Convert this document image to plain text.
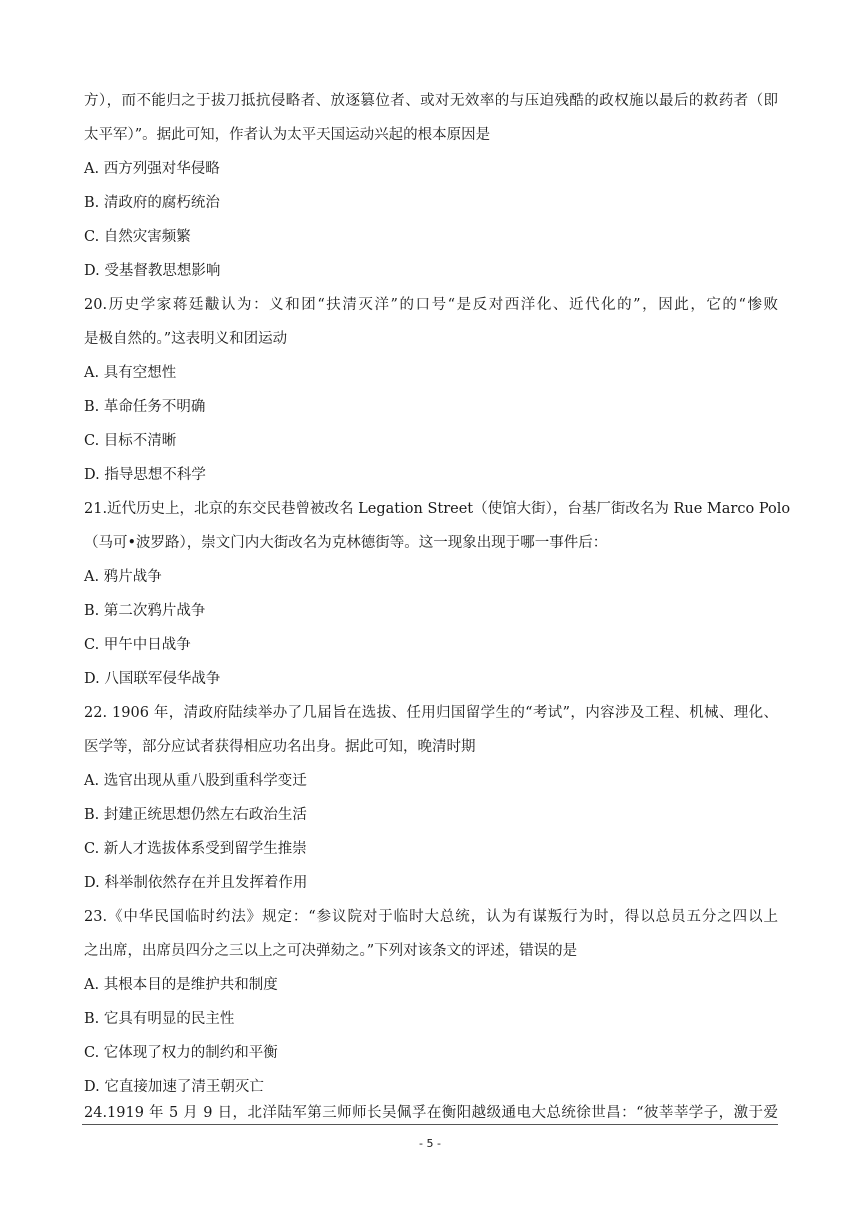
方），而不能归之于拔刀抵抗侵略者、放逐篡位者、或对无效率的与压迫残酷的政权施以最后的救药者（即
太平军）”。据此可知，作者认为太平天国运动兴起的根本原因是
A. 西方列强对华侵略
B. 清政府的腐朽统治
C. 自然灾害频繁
D. 受基督教思想影响
20.历史学家蒋廷黻认为：义和团“扶清灭洋”的口号“是反对西洋化、近代化的”，因此，它的“惨败
是极自然的。”这表明义和团运动
A. 具有空想性
B. 革命任务不明确
C. 目标不清晰
D. 指导思想不科学
21.近代历史上，北京的东交民巷曾被改名 Legation Street（使馆大街），台基厂街改名为 Rue Marco Polo
（马可•波罗路），崇文门内大街改名为克林德街等。这一现象出现于哪一事件后：
A. 鸦片战争
B. 第二次鸦片战争
C. 甲午中日战争
D. 八国联军侵华战争
22. 1906 年，清政府陆续举办了几届旨在选拔、任用归国留学生的“考试”，内容涉及工程、机械、理化、
医学等，部分应试者获得相应功名出身。据此可知，晚清时期
A. 选官出现从重八股到重科学变迁
B. 封建正统思想仍然左右政治生活
C. 新人才选拔体系受到留学生推崇
D. 科举制依然存在并且发挥着作用
23.《中华民国临时约法》规定：“参议院对于临时大总统，认为有谋叛行为时，得以总员五分之四以上
之出席，出席员四分之三以上之可决弹劾之。”下列对该条文的评述，错误的是
A. 其根本目的是维护共和制度
B. 它具有明显的民主性
C. 它体现了权力的制约和平衡
D. 它直接加速了清王朝灭亡
24.1919 年 5 月 9 日，北洋陆军第三师师长吴佩孚在衡阳越级通电大总统徐世昌：“彼莘莘学子，激于爱
- 5 -
